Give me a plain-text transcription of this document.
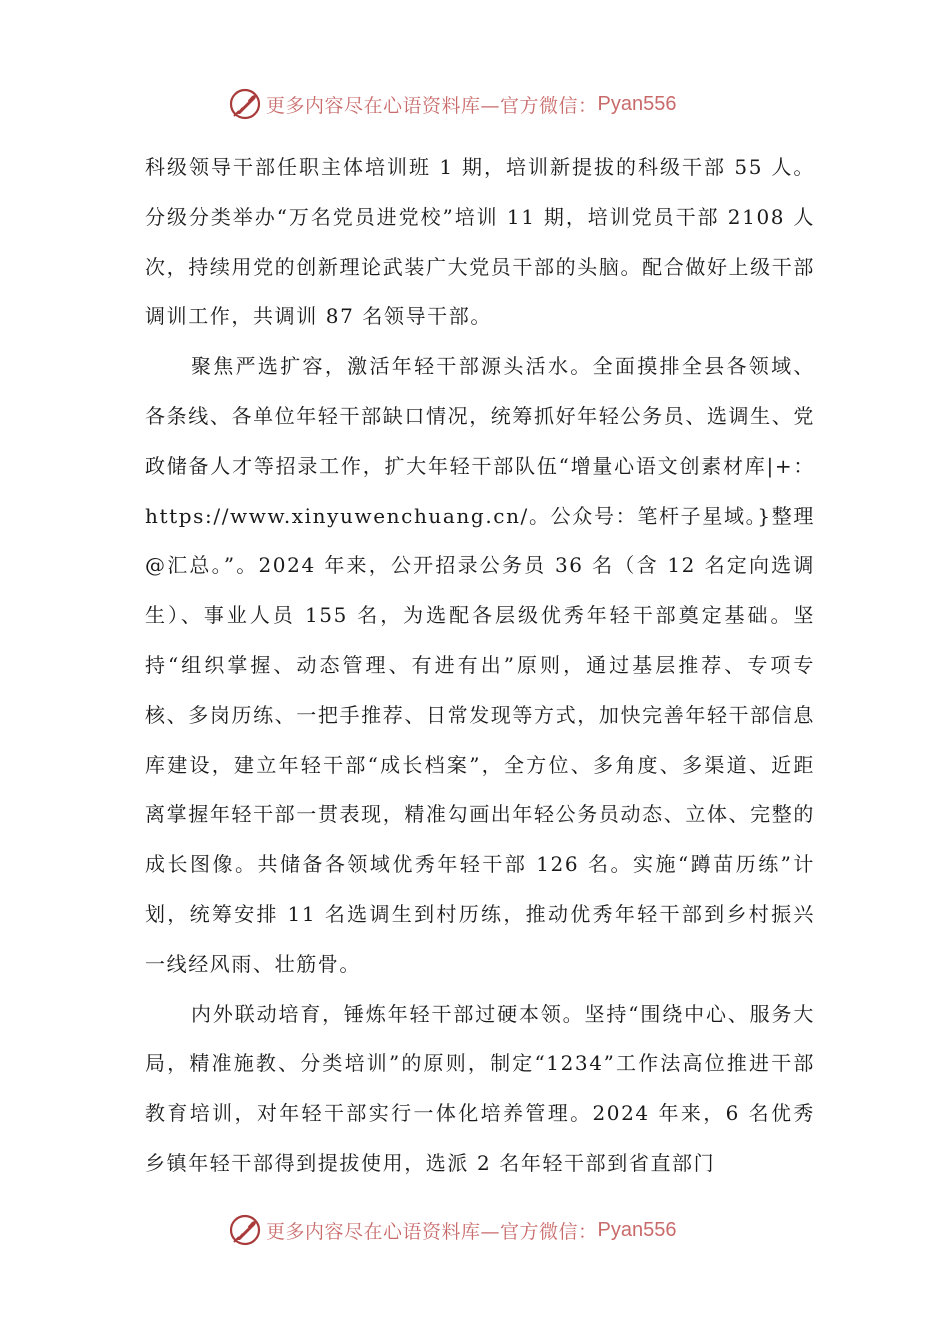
更多内容尽在心语资料库—官方微信： Pyan556

科级领导干部任职主体培训班 1 期，培训新提拔的科级干部 55 人。分级分类举办“万名党员进党校”培训 11 期，培训党员干部 2108 人次，持续用党的创新理论武装广大党员干部的头脑。配合做好上级干部调训工作，共调训 87 名领导干部。

聚焦严选扩容，激活年轻干部源头活水。全面摸排全县各领域、各条线、各单位年轻干部缺口情况，统筹抓好年轻公务员、选调生、党政储备人才等招录工作，扩大年轻干部队伍“增量心语文创素材库|+：https://www.xinyuwenchuang.cn/。公众号：笔杆子星域。}整理@汇总。”。2024 年来，公开招录公务员 36 名（含 12 名定向选调生）、事业人员 155 名，为选配各层级优秀年轻干部奠定基础。坚持“组织掌握、动态管理、有进有出”原则，通过基层推荐、专项专核、多岗历练、一把手推荐、日常发现等方式，加快完善年轻干部信息库建设，建立年轻干部“成长档案”，全方位、多角度、多渠道、近距离掌握年轻干部一贯表现，精准勾画出年轻公务员动态、立体、完整的成长图像。共储备各领域优秀年轻干部 126 名。实施“蹲苗历练”计划，统筹安排 11 名选调生到村历练，推动优秀年轻干部到乡村振兴一线经风雨、壮筋骨。

内外联动培育，锤炼年轻干部过硬本领。坚持“围绕中心、服务大局，精准施教、分类培训”的原则，制定“1234”工作法高位推进干部教育培训，对年轻干部实行一体化培养管理。2024 年来，6 名优秀乡镇年轻干部得到提拔使用，选派 2 名年轻干部到省直部门

更多内容尽在心语资料库—官方微信： Pyan556
